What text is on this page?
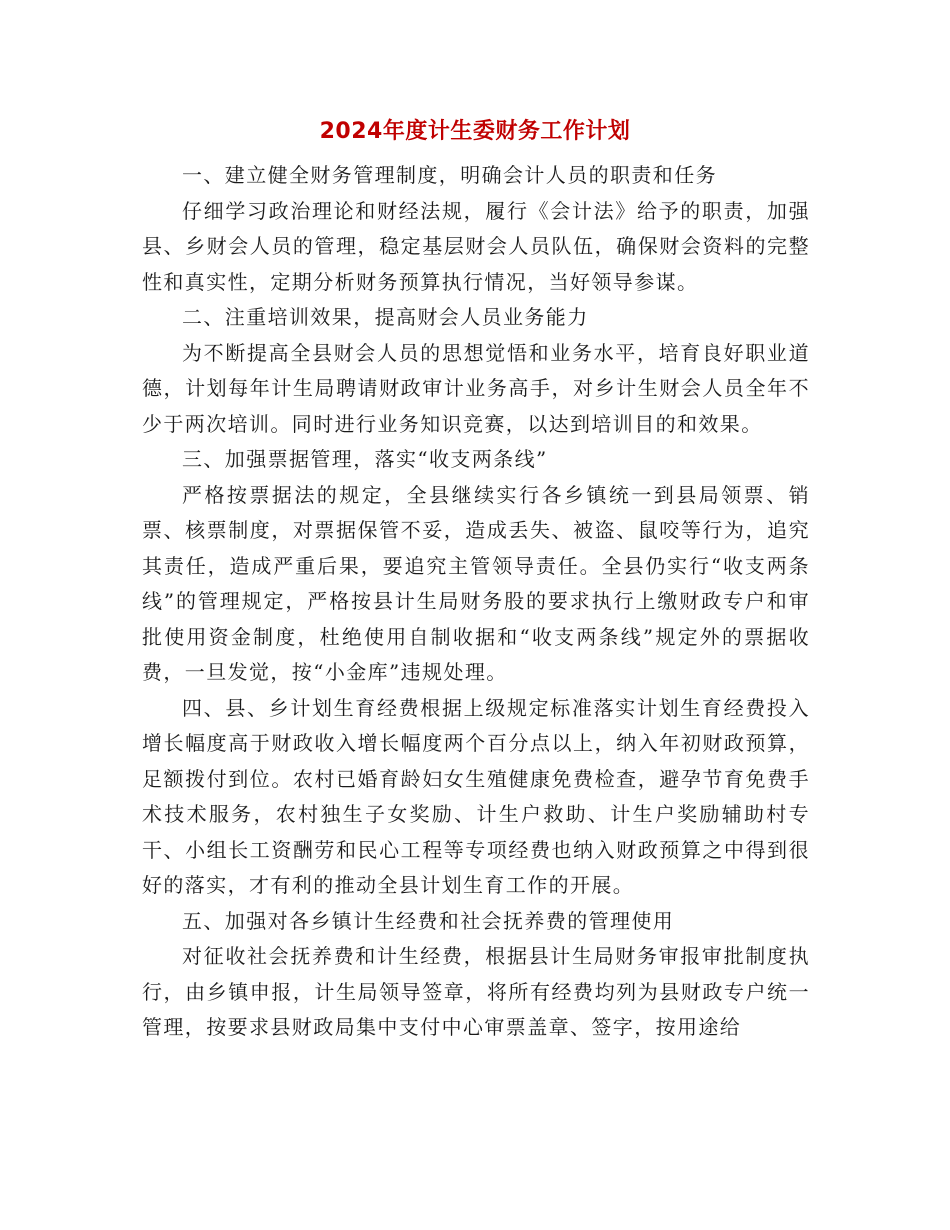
2024年度计生委财务工作计划

一、建立健全财务管理制度，明确会计人员的职责和任务

仔细学习政治理论和财经法规，履行《会计法》给予的职责，加强县、乡财会人员的管理，稳定基层财会人员队伍，确保财会资料的完整性和真实性，定期分析财务预算执行情况，当好领导参谋。

二、注重培训效果，提高财会人员业务能力

为不断提高全县财会人员的思想觉悟和业务水平，培育良好职业道德，计划每年计生局聘请财政审计业务高手，对乡计生财会人员全年不少于两次培训。同时进行业务知识竞赛，以达到培训目的和效果。

三、加强票据管理，落实“收支两条线”

严格按票据法的规定，全县继续实行各乡镇统一到县局领票、销票、核票制度，对票据保管不妥，造成丢失、被盗、鼠咬等行为，追究其责任，造成严重后果，要追究主管领导责任。全县仍实行“收支两条线”的管理规定，严格按县计生局财务股的要求执行上缴财政专户和审批使用资金制度，杜绝使用自制收据和“收支两条线”规定外的票据收费，一旦发觉，按“小金库”违规处理。

四、县、乡计划生育经费根据上级规定标准落实计划生育经费投入增长幅度高于财政收入增长幅度两个百分点以上，纳入年初财政预算，足额拨付到位。农村已婚育龄妇女生殖健康免费检查，避孕节育免费手术技术服务，农村独生子女奖励、计生户救助、计生户奖励辅助村专干、小组长工资酬劳和民心工程等专项经费也纳入财政预算之中得到很好的落实，才有利的推动全县计划生育工作的开展。

五、加强对各乡镇计生经费和社会抚养费的管理使用

对征收社会抚养费和计生经费，根据县计生局财务审报审批制度执行，由乡镇申报，计生局领导签章，将所有经费均列为县财政专户统一管理，按要求县财政局集中支付中心审票盖章、签字，按用途给
